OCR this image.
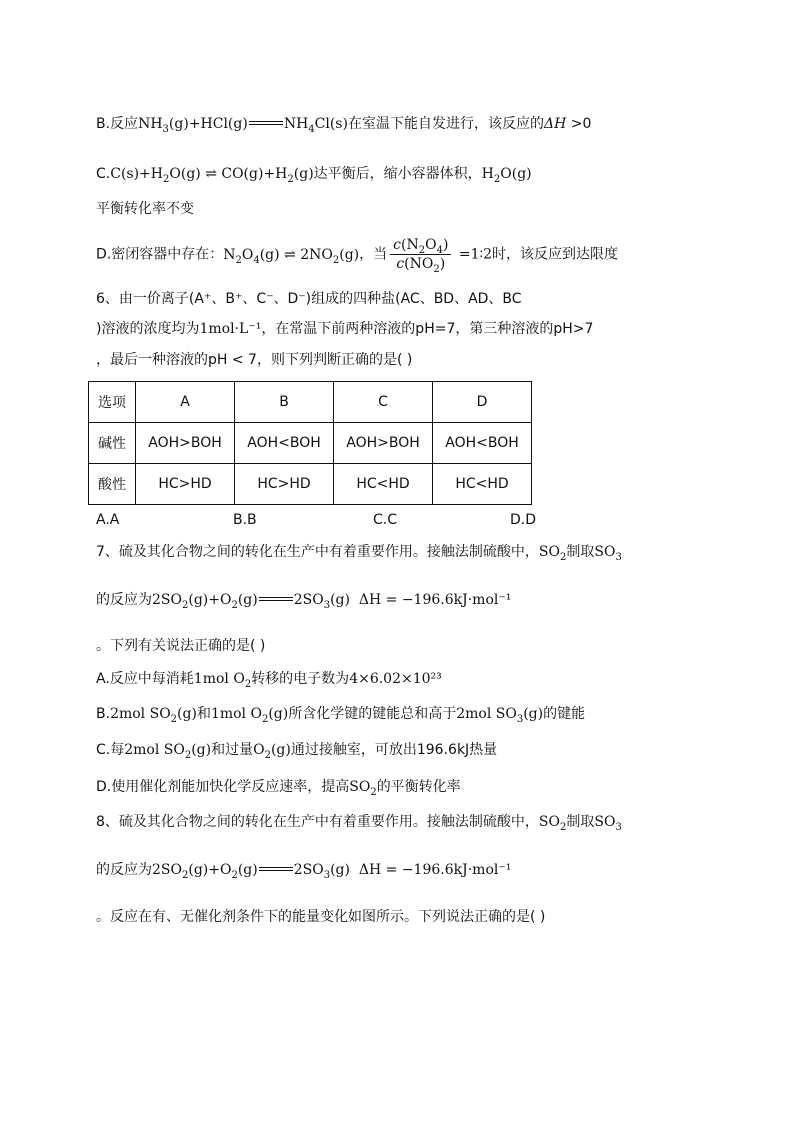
B.反应$NH_3(g)+HCl(g)$	$NH_4Cl(s)$在室温下能自发进行，该反应的ΔH >0
$C.C(s)+H_2O(g)$ ⇌ $CO(g)+H_2(g)$达平衡后，缩小容器体积，$H_2O(g)$
平衡转化率不变
D.密闭容器中存在：$N_2O_4(g)$ ⇌ $2NO_2(g)$，当 $\frac{c(N_2O_4)}{c(NO_2)}$ =1∶2时，该反应到达限度
6、由一价离子(A⁺、B⁺、C⁻、D⁻)组成的四种盐(AC、BD、AD、BC
)溶液的浓度均为1mol·L⁻¹，在常温下前两种溶液的pH=7，第三种溶液的pH>7
，最后一种溶液的pH < 7，则下列判断正确的是( )
选项	A	B	C	D
碱性	AOH>BOH	AOH<BOH	AOH>BOH	AOH<BOH
酸性	HC>HD	HC>HD	HC<HD	HC<HD
A.A	B.B	C.C	D.D
7、硫及其化合物之间的转化在生产中有着重要作用。接触法制硫酸中，$SO_2$制取$SO_3$
的反应为$2SO_2(g)+O_2(g)$	$2SO_3(g) \Delta H = -196.6kJ\cdot mol^{-1}$
。下列有关说法正确的是( )
A.反应中每消耗1mol $O_2$转移的电子数为4×6.02×10²³
B.2mol $SO_2(g)$和1mol $O_2(g)$所含化学键的键能总和高于2mol $SO_3(g)$的键能
C.每2mol $SO_2(g)$和过量$O_2(g)$通过接触室，可放出196.6kJ热量
D.使用催化剂能加快化学反应速率，提高$SO_2$的平衡转化率
8、硫及其化合物之间的转化在生产中有着重要作用。接触法制硫酸中，$SO_2$制取$SO_3$
的反应为$2SO_2(g)+O_2(g)$	$2SO_3(g) \Delta H = -196.6kJ\cdot mol^{-1}$
。反应在有、无催化剂条件下的能量变化如图所示。下列说法正确的是( )
